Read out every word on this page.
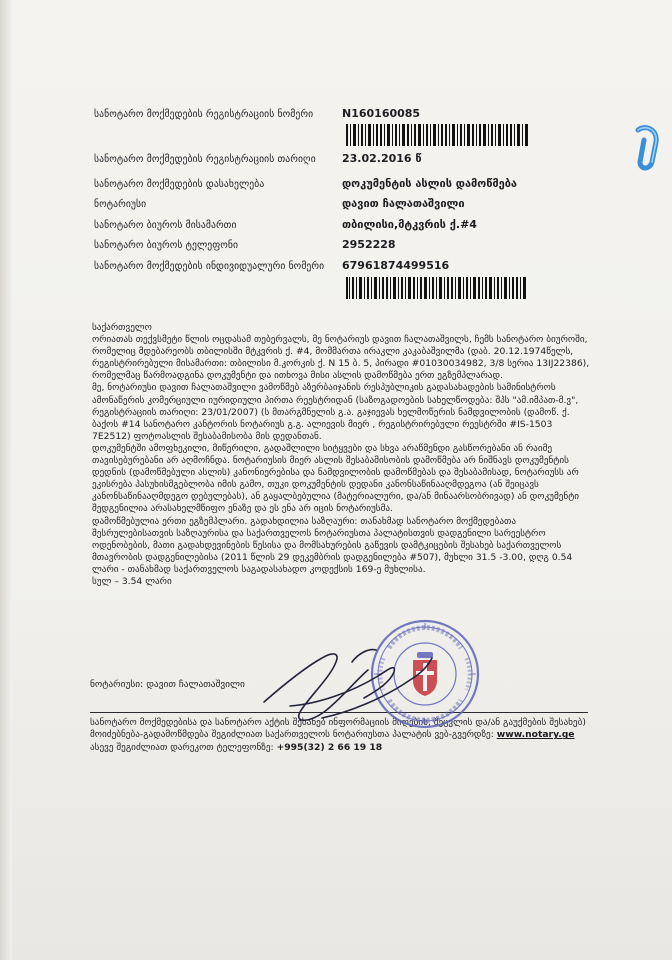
სანოტარო მოქმედების რეგისტრაციის ნომერი	N160160085
სანოტარო მოქმედების რეგისტრაციის თარიღი 23.02.2016 წ
სანოტარო მოქმედების დასახელება	დოკუმენტის ასლის დამოწმება
ნოტარიუსი	დავით ჩალათაშვილი
სანოტარო ბიუროს მისამართი	თბილისი,მტკვრის ქ.#4
სანოტარო ბიუროს ტელეფონი	2952228
სანოტარო მოქმედების ინდივიდუალური ნომერი 67961874499516

საქართველო

ორიათას თექვსმეტი წლის ოცდასამ თებერვალს, მე ნოტარიუს დავით ჩალათაშვილს, ჩემს სანოტარო ბიუროში, რომელიც მდებარეობს თბილისში მტკვრის ქ. #4, მომმართა ირაკლი კაკაბაშვილმა (დაბ. 20.12.1974წელს, რეგისტრირებული მისამართი: თბილისი მ.კორკის ქ. N 15 ბ. 5, პირადი #01030034982, 3/8 სერია 13IJ22386), რომელმაც წარმოადგინა დოკუმენტი და ითხოვა მისი ასლის დამოწმება ერთ ეგზემპლარად.

მე, ნოტარიუსი დავით ჩალათაშვილი ვამოწმებ აზერბაიჯანის რესპუბლიკის გადასახადების სამინისტროს ამონაწერის კომერციული იურიდიული პირთა რეესტრიდან (საზოგადოების სახელწოდება: შპს "ამ.იმპათ-მ.ვ", რეგისტრაციის თარიღი: 23/01/2007) (ს მთარგმნელის გ.ა. გაჯიევას ხელმოწერის ნამდვილობის (დამოწ. ქ. ბაქოს #14 სანოტარო კანტორის ნოტარიუს გ.გ. ალიევის მიერ , რეგისტრირებული რეესტრში #IS-1503 7E2512) ფოტოასლის შესაბამისობა მის დედანთან.

დოკუმენტში ამოფხეკილი, მიწერილი, გადაშლილი სიტყვები და სხვა არაწმენდი გასწორებანი ან რაიმე თავისებურებანი არ აღმოჩნდა. ნოტარიუსის მიერ ასლის შესაბამისობის დამოწმება არ ნიშნავს დოკუმენტის დედნის (დამოწმებული ასლის) კანონიერებისა და ნამდვილობის დამოწმებას და შესაბამისად, ნოტარიუსს არ ეკისრება პასუხისმგებლობა იმის გამო, თუკი დოკუმენტის დედანი კანონსაწინააღმდეგოა (ან შეიცავს კანონსაწინააღმდეგო დებულებას), ან გაყალბებულია (მატერიალური, და/ან მინაარსობრივად) ან დოკუმენტი შედგენილია არასახელმწიფო ენაზე და ეს ენა არ იცის ნოტარიუსმა.

დამოწმებულია ერთი ეგზემპლარი. გადახდილია საზღაური: თანახმად სანოტარო მოქმედებათა შესრულებისათვის საზღაურისა და საქართველოს ნოტარიუსთა პალატისთვის დადგენილი სარეესტრო ოდენობების, მათი გადახდევინების წესისა და მომსახურების გაწევის დამტკიცების შესახებ საქართველოს მთავრობის დადგენილებისა (2011 წლის 29 დეკემბრის დადგენილება #507), მუხლი 31.5 -3.00, დღგ 0.54 ლარი - თანახმად საქართველოს საგადასახადო კოდექსის 169-ე მუხლისა.

სულ – 3.54 ლარი

ნოტარიუსი: დავით ჩალათაშვილი
სანოტარო მოქმედებისა და სანოტარო აქტის შესახებ ინფორმაციის მიღების, შეცვლის და/ან გაუქმების შესახებ) მოიძებნება-გადამოწმდება შეგიძლიათ საქართველოს ნოტარიუსთა პალატის ვებ-გვერდზე: www.notary.ge ასევე შეგიძლიათ დარეკოთ ტელეფონზე: +995(32) 2 66 19 18
